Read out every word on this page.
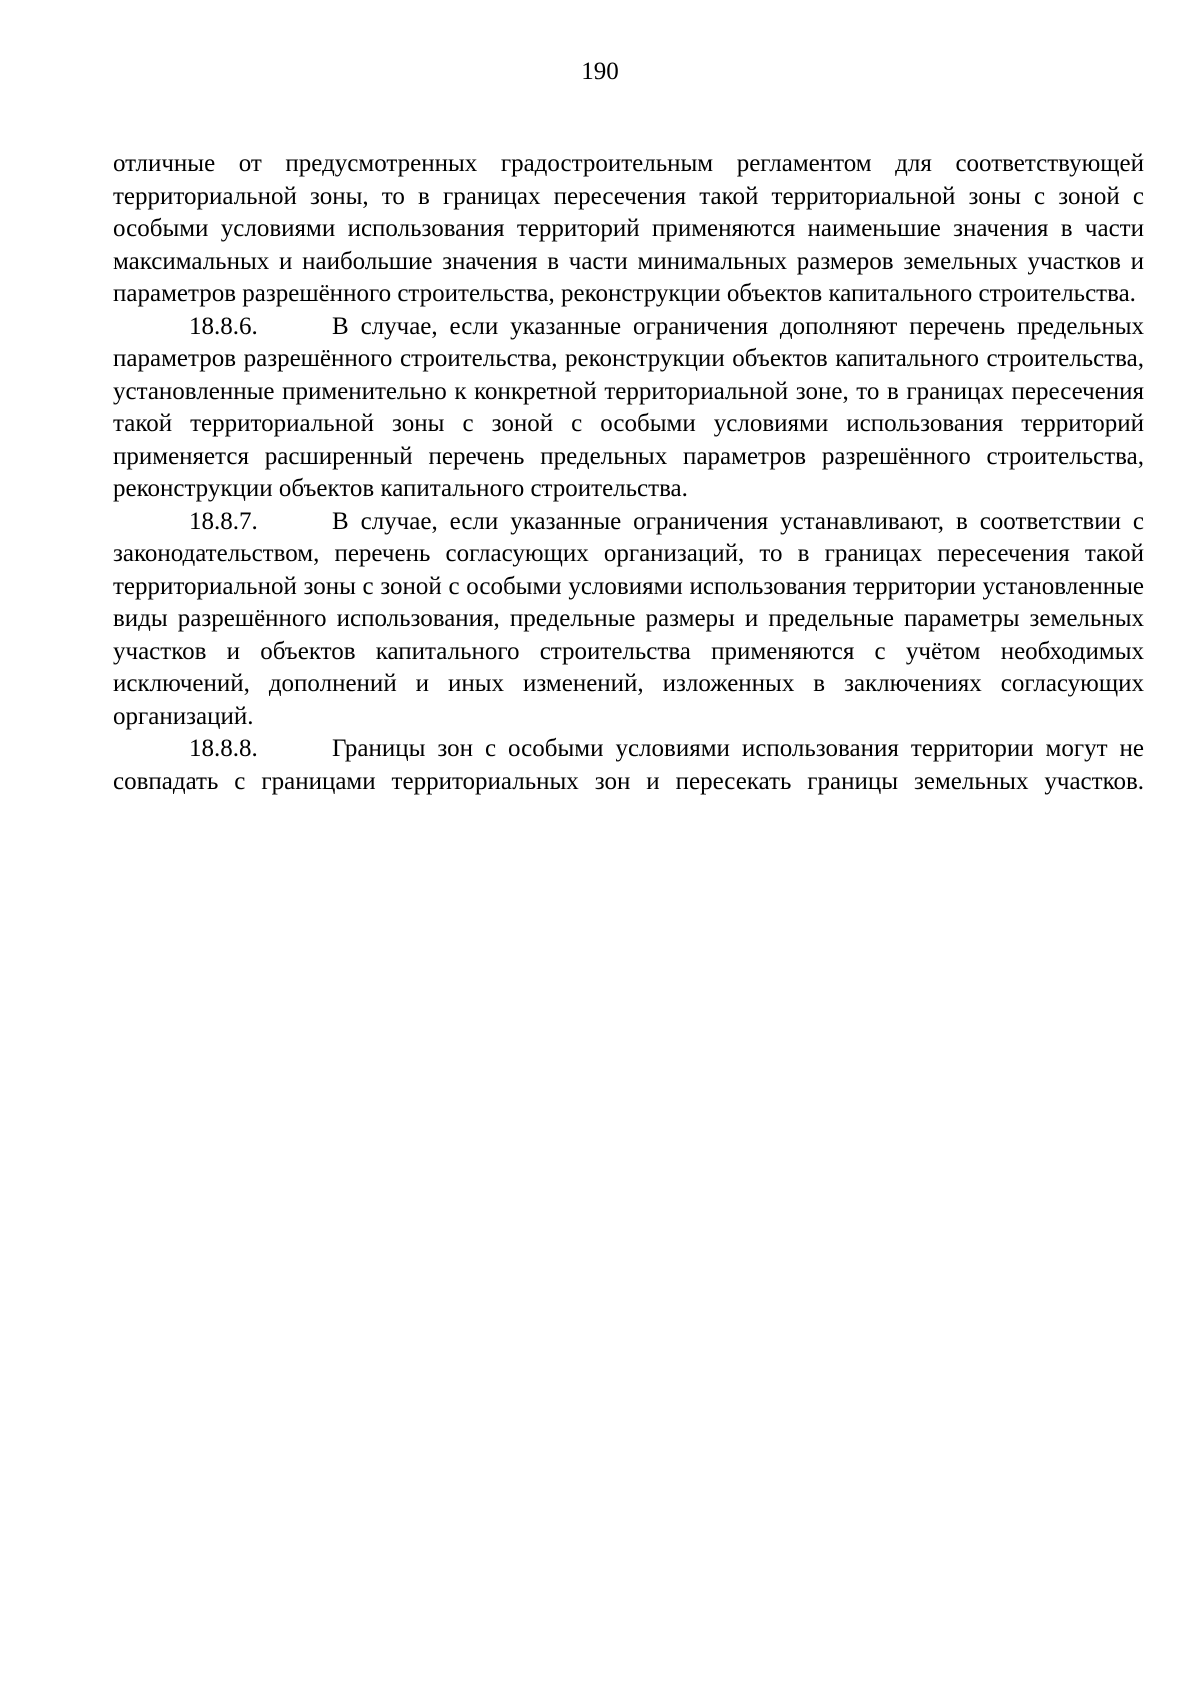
190

отличные от предусмотренных градостроительным регламентом для соответствующей территориальной зоны, то в границах пересечения такой территориальной зоны с зоной с особыми условиями использования территорий применяются наименьшие значения в части максимальных и наибольшие значения в части минимальных размеров земельных участков и параметров разрешённого строительства, реконструкции объектов капитального строительства.

18.8.6.	В случае, если указанные ограничения дополняют перечень предельных параметров разрешённого строительства, реконструкции объектов капитального строительства, установленные применительно к конкретной территориальной зоне, то в границах пересечения такой территориальной зоны с зоной с особыми условиями использования территорий применяется расширенный перечень предельных параметров разрешённого строительства, реконструкции объектов капитального строительства.

18.8.7.	В случае, если указанные ограничения устанавливают, в соответствии с законодательством, перечень согласующих организаций, то в границах пересечения такой территориальной зоны с зоной с особыми условиями использования территории установленные виды разрешённого использования, предельные размеры и предельные параметры земельных участков и объектов капитального строительства применяются с учётом необходимых исключений, дополнений и иных изменений, изложенных в заключениях согласующих организаций.

18.8.8.	Границы зон с особыми условиями использования территории могут не совпадать с границами территориальных зон и пересекать границы земельных участков.
